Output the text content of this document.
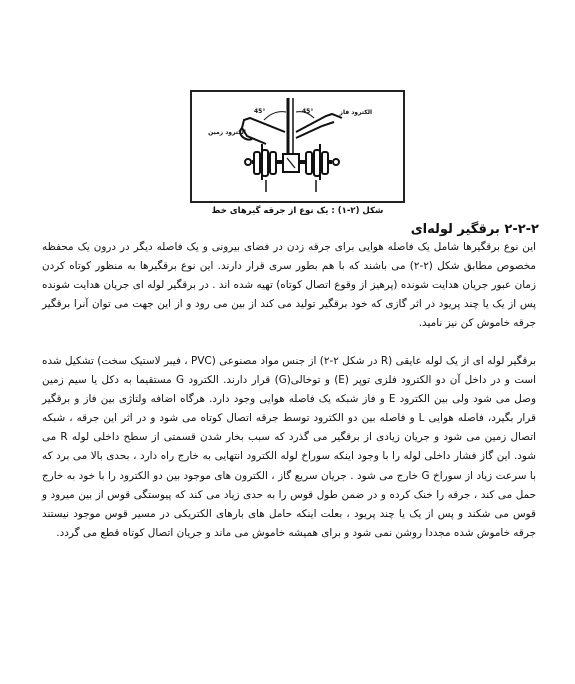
45°	45°
الکترود زمین
الکترود فاز
شکل (۲-۱) : یک نوع از جرقه گیرهای خط
۲-۲-۲ برقگیر لوله‌ای
این نوع برقگیرها شامل یک فاصله هوایی برای جرقه زدن در فضای بیرونی و یک فاصله دیگر در درون یک محفظه مخصوص مطابق شکل (۲-۲) می باشند که با هم بطور سری قرار دارند. این نوع برقگیرها به منظور کوتاه کردن زمان عبور جریان هدایت شونده (پرهیز از وقوع اتصال کوتاه) تهیه شده اند . در برقگیر لوله ای جریان هدایت شونده پس از یک یا چند پریود در اثر گازی که خود برقگیر تولید می کند از بین می رود و از این جهت می توان آنرا برقگیر جرقه خاموش کن نیز نامید.
برقگیر لوله ای از یک لوله عایقی (R در شکل ۲-۲) از جنس مواد مصنوعی (PVC ، فیبر لاستیک سخت) تشکیل شده است و در داخل آن دو الکترود فلزی توپر (E) و توخالی(G) قرار دارند. الکترود G مستقیما به دکل یا سیم زمین وصل می شود ولی بین الکترود E و فاز شبکه یک فاصله هوایی وجود دارد. هرگاه اضافه ولتاژی بین فاز و برقگیر قرار بگیرد، فاصله هوایی L و فاصله بین دو الکترود توسط جرقه اتصال کوتاه می شود و در اثر این جرقه ، شبکه اتصال زمین می شود و جریان زیادی از برقگیر می گذرد که سبب بخار شدن قسمتی از سطح داخلی لوله R می شود. این گاز فشار داخلی لوله را با وجود اینکه سوراخ لوله الکترود انتهایی به خارج راه دارد ، بحدی بالا می برد که با سرعت زیاد از سوراخ G خارج می شود . جریان سریع گاز ، الکترون های موجود بین دو الکترود را با خود به خارج حمل می کند ، جرقه را خنک کرده و در ضمن طول قوس را به حدی زیاد می کند که پیوستگی قوس از بین میرود و قوس می شکند و پس از یک یا چند پریود ، بعلت اینکه حامل های بارهای الکتریکی در مسیر قوس موجود نیستند جرقه خاموش شده مجددا روشن نمی شود و برای همیشه خاموش می ماند و جریان اتصال کوتاه قطع می گردد.
